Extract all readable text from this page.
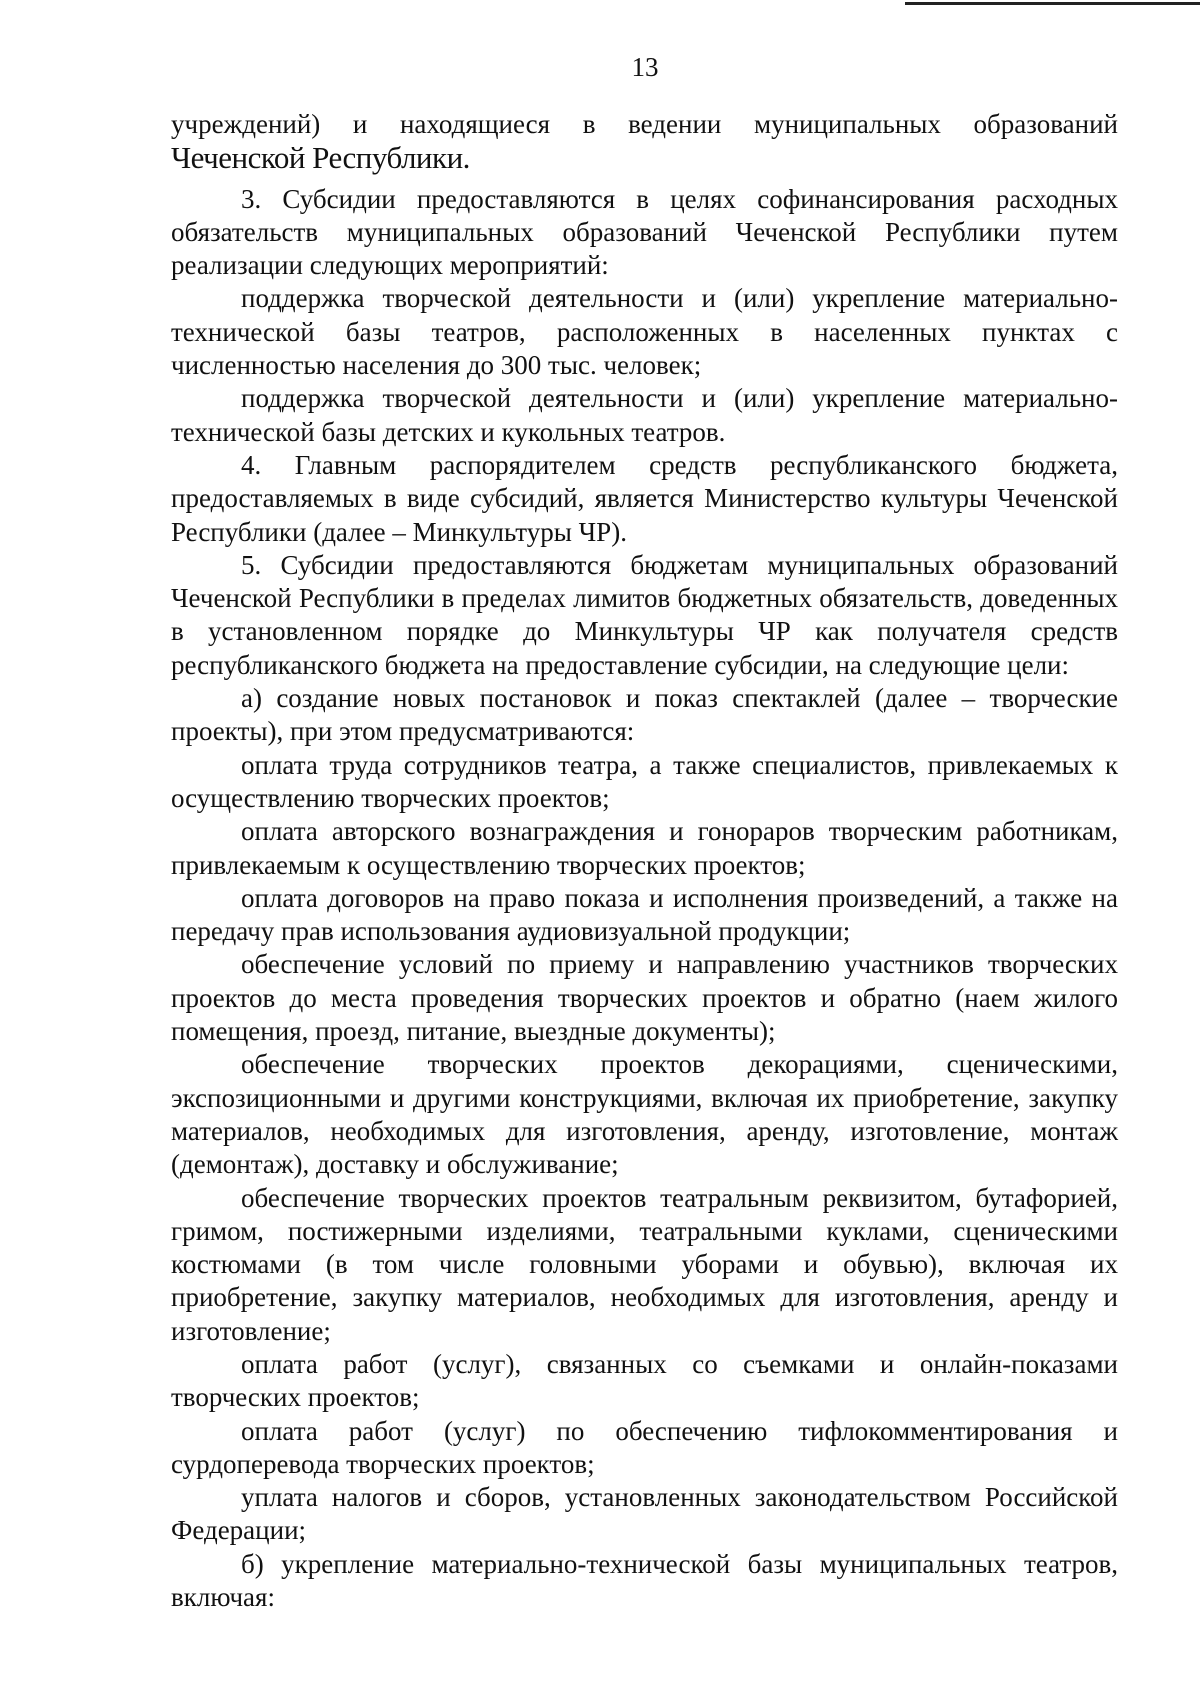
13

учреждений) и находящиеся в ведении муниципальных образований

Чеченской Республики.

3. Субсидии предоставляются в целях софинансирования расходных обязательств муниципальных образований Чеченской Республики путем реализации следующих мероприятий:

поддержка творческой деятельности и (или) укрепление материально-технической базы театров, расположенных в населенных пунктах с численностью населения до 300 тыс. человек;

поддержка творческой деятельности и (или) укрепление материально-технической базы детских и кукольных театров.

4. Главным распорядителем средств республиканского бюджета, предоставляемых в виде субсидий, является Министерство культуры Чеченской Республики (далее – Минкультуры ЧР).

5. Субсидии предоставляются бюджетам муниципальных образований Чеченской Республики в пределах лимитов бюджетных обязательств, доведенных в установленном порядке до Минкультуры ЧР как получателя средств республиканского бюджета на предоставление субсидии, на следующие цели:

а) создание новых постановок и показ спектаклей (далее – творческие проекты), при этом предусматриваются:

оплата труда сотрудников театра, а также специалистов, привлекаемых к осуществлению творческих проектов;

оплата авторского вознаграждения и гонораров творческим работникам, привлекаемым к осуществлению творческих проектов;

оплата договоров на право показа и исполнения произведений, а также на передачу прав использования аудиовизуальной продукции;

обеспечение условий по приему и направлению участников творческих проектов до места проведения творческих проектов и обратно (наем жилого помещения, проезд, питание, выездные документы);

обеспечение творческих проектов декорациями, сценическими, экспозиционными и другими конструкциями, включая их приобретение, закупку материалов, необходимых для изготовления, аренду, изготовление, монтаж (демонтаж), доставку и обслуживание;

обеспечение творческих проектов театральным реквизитом, бутафорией, гримом, постижерными изделиями, театральными куклами, сценическими костюмами (в том числе головными уборами и обувью), включая их приобретение, закупку материалов, необходимых для изготовления, аренду и изготовление;

оплата работ (услуг), связанных со съемками и онлайн-показами творческих проектов;

оплата работ (услуг) по обеспечению тифлокомментирования и сурдоперевода творческих проектов;

уплата налогов и сборов, установленных законодательством Российской Федерации;

б) укрепление материально-технической базы муниципальных театров, включая:
